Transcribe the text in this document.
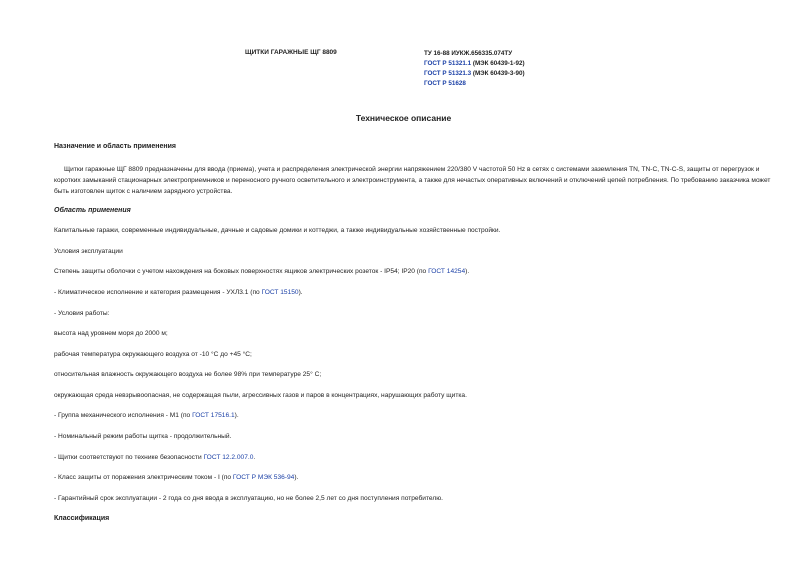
ЩИТКИ ГАРАЖНЫЕ ЩГ 8809	ТУ 16-88 ИУКЖ.656335.074ТУ
ГОСТ Р 51321.1 (МЭК 60439-1-92)
ГОСТ Р 51321.3 (МЭК 60439-3-90)
ГОСТ Р 51628
Техническое описание
Назначение и область применения
Щитки гаражные ЩГ 8809 предназначены для ввода (приема), учета и распределения электрической энергии напряжением 220/380 V частотой 50 Hz в сетях с системами заземления TN, TN-C, TN-C-S, защиты от перегрузок и коротких замыканий стационарных электроприемников и переносного ручного осветительного и электроинструмента, а также для нечастых оперативных включений и отключений цепей потребления. По требованию заказчика может быть изготовлен щиток с наличием зарядного устройства.
Область применения
Капитальные гаражи, современные индивидуальные, дачные и садовые домики и коттеджи, а также индивидуальные хозяйственные постройки.
Условия эксплуатации
Степень защиты оболочки с учетом нахождения на боковых поверхностях ящиков электрических розеток - IP54; IP20 (по ГОСТ 14254).
- Климатическое исполнение и категория размещения - УХЛ3.1 (по ГОСТ 15150).
- Условия работы:
высота над уровнем моря до 2000 м;
рабочая температура окружающего воздуха от -10 °С до +45 °С;
относительная влажность окружающего воздуха не более 98% при температуре 25° С;
окружающая среда невзрывоопасная, не содержащая пыли, агрессивных газов и паров в концентрациях, нарушающих работу щитка.
- Группа механического исполнения - М1 (по ГОСТ 17516.1).
- Номинальный режим работы щитка - продолжительный.
- Щитки соответствуют по технике безопасности ГОСТ 12.2.007.0.
- Класс защиты от поражения электрическим током - I (по ГОСТ Р МЭК 536-94).
- Гарантийный срок эксплуатации - 2 года со дня ввода в эксплуатацию, но не более 2,5 лет со дня поступления потребителю.
Классификация
